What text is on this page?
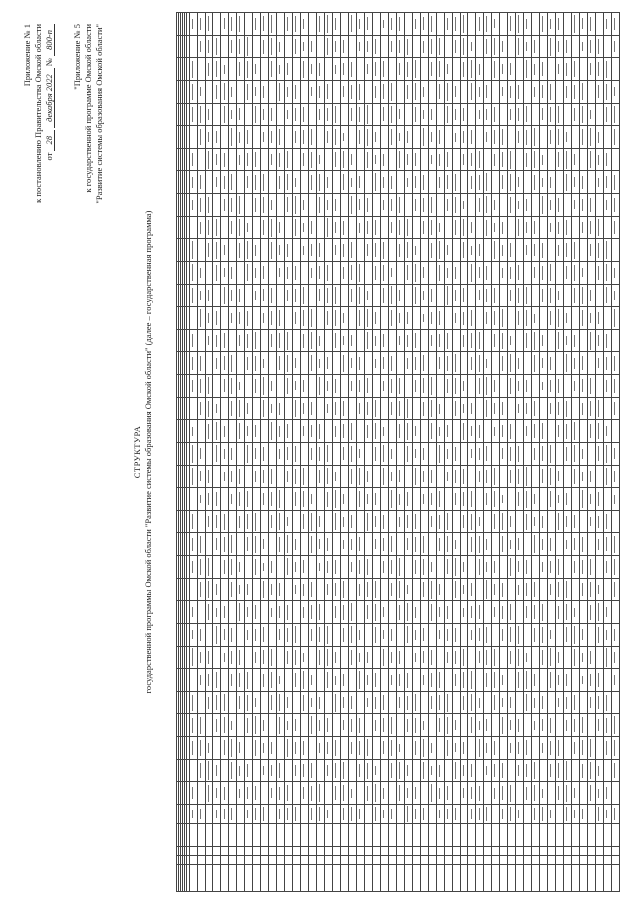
Приложение № 1 к постановлению Правительства Омской области от 28 декабря 2022 № 800-п "Приложение № 5 к государственной программе Омской области "Развитие системы образования Омской области"
СТРУКТУРА государственной программы Омской области "Развитие системы образования Омской области" (далее – государственная программа)
